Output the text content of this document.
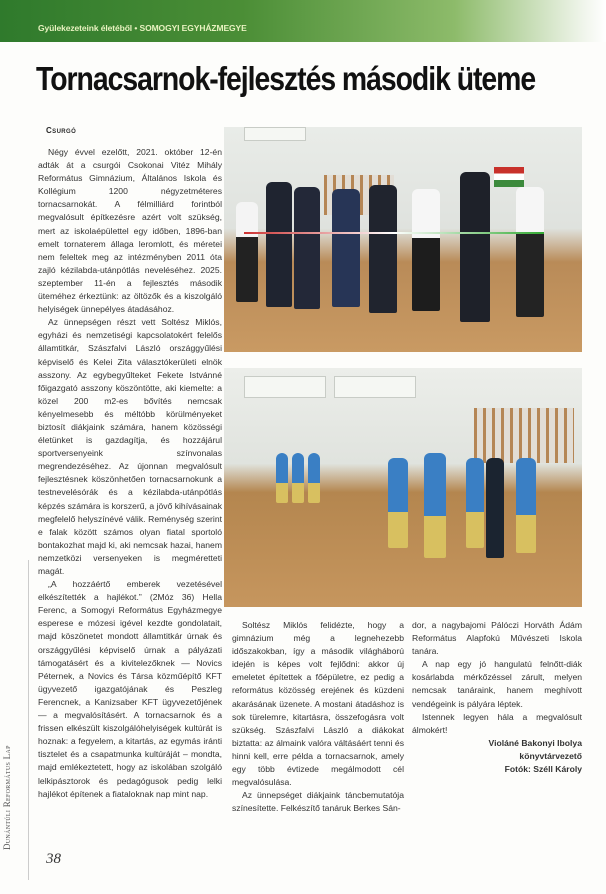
Gyülekezeteink életéből • SOMOGYI EGYHÁZMEGYE
Tornacsarnok-fejlesztés második üteme
Csurgó

Négy évvel ezelőtt, 2021. október 12-én adták át a csurgói Csokonai Vitéz Mihály Református Gimnázium, Általános Iskola és Kollégium 1200 négyzetméteres tornacsarnokát. A félmilliárd forintból megvalósult építkezésre azért volt szükség, mert az iskolaépülettel egy időben, 1896-ban emelt tornaterem állaga leromlott, és méretei nem feleltek meg az intézményben 2011 óta zajló kézilabda-utánpótlás neveléséhez. 2025. szeptember 11-én a fejlesztés második üteméhez érkeztünk: az öltözők és a kiszolgáló helyiségek ünnepélyes átadásához.

Az ünnepségen részt vett Soltész Miklós, egyházi és nemzetiségi kapcsolatokért felelős államtitkár, Szászfalvi László országgyűlési képviselő és Kelei Zita választókerületi elnök asszony. Az egybegyűlteket Fekete Istvánné főigazgató asszony köszöntötte, aki kiemelte: a közel 200 m2-es bővítés nemcsak kényelmesebb és méltóbb körülményeket biztosít diákjaink számára, hanem közösségi életünket is gazdagítja, és hozzájárul sportversenyeink színvonalas megrendezéséhez. Az újonnan megvalósult fejlesztésnek köszönhetően tornacsarnokunk a testnevelésórák és a kézilabda-utánpótlás képzés számára is korszerű, a jövő kihívásainak megfelelő helyszínévé válik. Reménység szerint e falak között számos olyan fiatal sportoló bontakozhat majd ki, aki nemcsak hazai, hanem nemzetközi versenyeken is megméretteti magát.

„A hozzáértő emberek vezetésével elkészítették a hajlékot.” (2Móz 36) Hella Ferenc, a Somogyi Református Egyházmegye esperese e mózesi igével kezdte gondolatait, majd köszönetet mondott államtitkár úrnak és országgyűlési képviselő úrnak a pályázati támogatásért és a kivitelezőknek — Novics Péternek, a Novics és Társa közműépítő KFT ügyvezető igazgatójának és Peszleg Ferencnek, a Kanizsaber KFT ügyvezetőjének — a megvalósításért. A tornacsarnok és a frissen elkészült kiszolgálóhelyiségek kultúrát is hoznak: a fegyelem, a kitartás, az egymás iránti tisztelet és a csapatmunka kultúráját – mondta, majd emlékeztetett, hogy az iskolában szolgáló lelkipásztorok és pedagógusok pedig lelki hajlékot építenek a fiataloknak nap mint nap.

Soltész Miklós felidézte, hogy a gimnázium még a legnehezebb időszakokban, így a második világháború idején is képes volt fejlődni: akkor új emeletet építettek a főépületre, ez pedig a református közösség erejének és küzdeni akarásának üzenete. A mostani átadáshoz is sok türelemre, kitartásra, összefogásra volt szükség. Szászfalvi László a diákokat biztatta: az álmaink valóra váltásáért tenni és hinni kell, erre példa a tornacsarnok, amely egy több évtizede megálmodott cél megvalósulása.

Az ünnepséget diákjaink táncbemutatója színesítette. Felkészítő tanáruk Berkes Sán-

dor, a nagybajomi Pálóczi Horváth Ádám Református Alapfokú Művészeti Iskola tanára.

A nap egy jó hangulatú felnőtt-diák kosárlabda mérkőzéssel zárult, melyen nemcsak tanáraink, hanem meghívott vendégeink is pályára léptek.

Istennek legyen hála a megvalósult álmokért!

Violáné Bakonyi Ibolya

könyvtárvezető

Fotók: Széll Károly

Dunántúli Református Lap
38
